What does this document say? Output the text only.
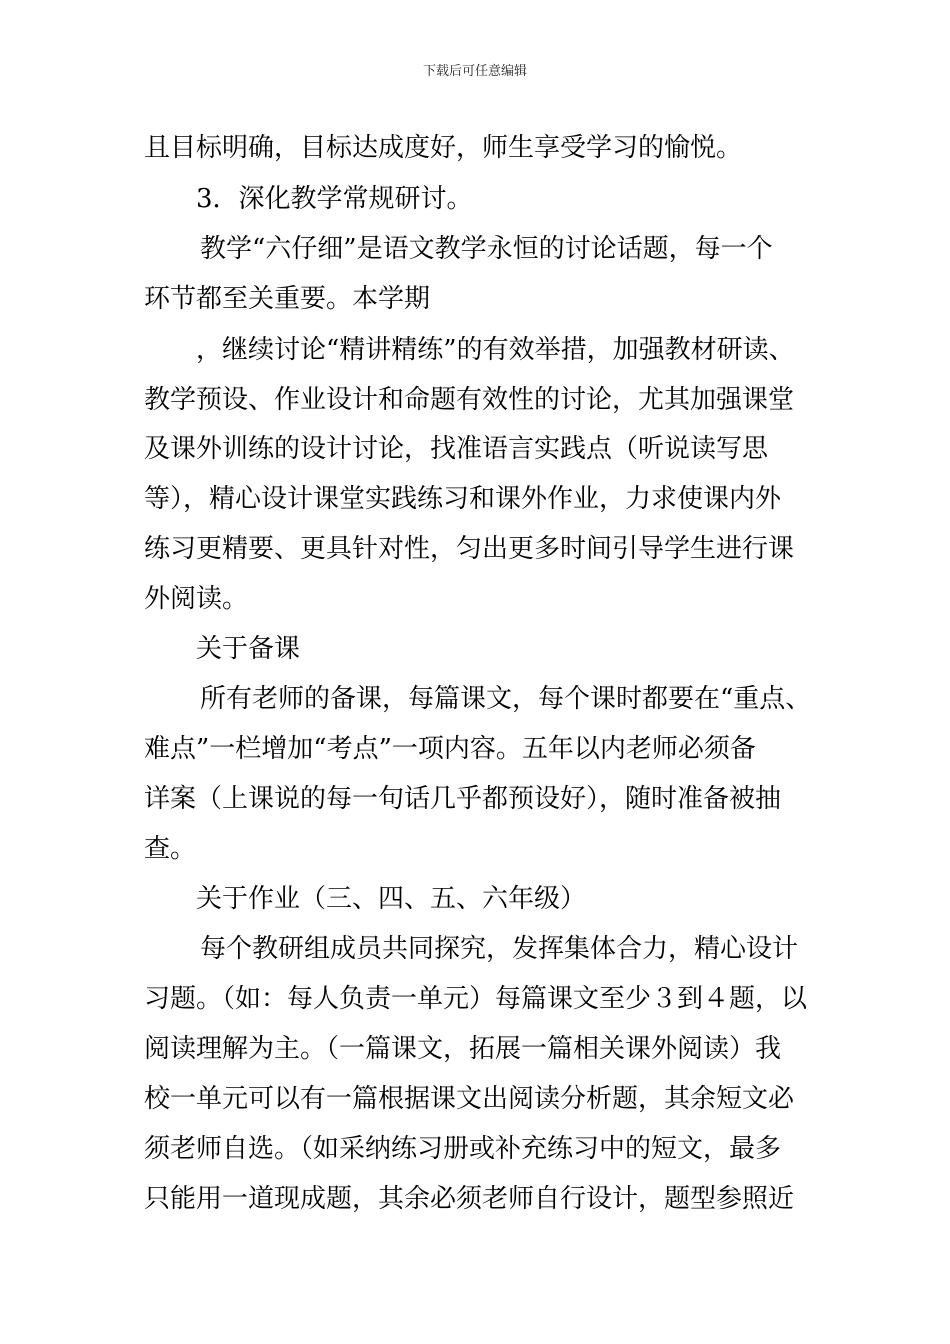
下载后可任意编辑
且目标明确，目标达成度好，师生享受学习的愉悦。
3．深化教学常规研讨。
教学“六仔细”是语文教学永恒的讨论话题，每一个
环节都至关重要。本学期
，继续讨论“精讲精练”的有效举措，加强教材研读、
教学预设、作业设计和命题有效性的讨论，尤其加强课堂
及课外训练的设计讨论，找准语言实践点（听说读写思
等），精心设计课堂实践练习和课外作业，力求使课内外
练习更精要、更具针对性，匀出更多时间引导学生进行课
外阅读。
关于备课
所有老师的备课，每篇课文，每个课时都要在“重点、
难点”一栏增加“考点”一项内容。五年以内老师必须备
详案（上课说的每一句话几乎都预设好），随时准备被抽
查。
关于作业（三、四、五、六年级）
每个教研组成员共同探究，发挥集体合力，精心设计
习题。（如：每人负责一单元）每篇课文至少３到４题，以
阅读理解为主。（一篇课文，拓展一篇相关课外阅读）我
校一单元可以有一篇根据课文出阅读分析题，其余短文必
须老师自选。（如采纳练习册或补充练习中的短文，最多
只能用一道现成题，其余必须老师自行设计，题型参照近
